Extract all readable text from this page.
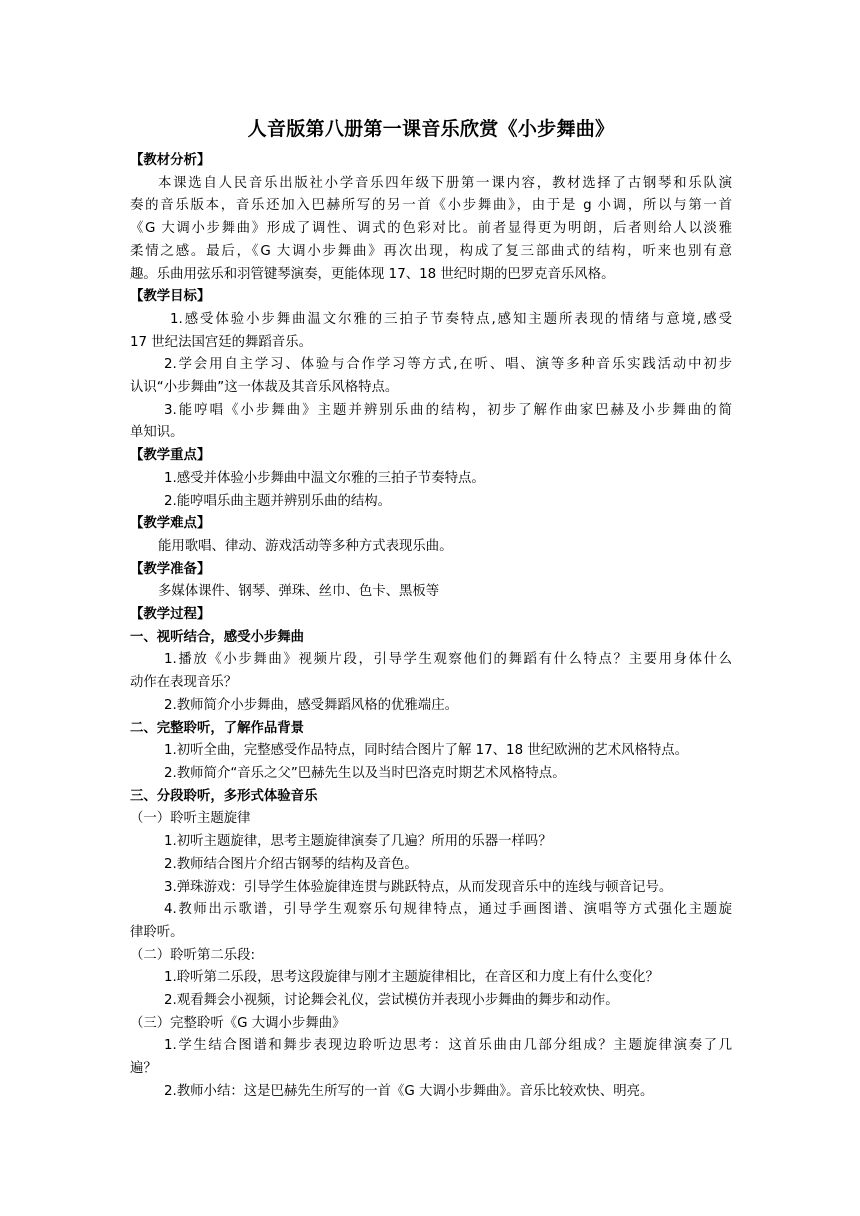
人音版第八册第一课音乐欣赏《小步舞曲》
【教材分析】
本课选自人民音乐出版社小学音乐四年级下册第一课内容，教材选择了古钢琴和乐队演
奏的音乐版本，音乐还加入巴赫所写的另一首《小步舞曲》，由于是 g 小调，所以与第一首
《G 大调小步舞曲》形成了调性、调式的色彩对比。前者显得更为明朗，后者则给人以淡雅
柔情之感。最后，《G 大调小步舞曲》再次出现，构成了复三部曲式的结构，听来也别有意
趣。乐曲用弦乐和羽管键琴演奏，更能体现 17、18 世纪时期的巴罗克音乐风格。
【教学目标】
1.感受体验小步舞曲温文尔雅的三拍子节奏特点,感知主题所表现的情绪与意境,感受
17 世纪法国宫廷的舞蹈音乐。
2.学会用自主学习、体验与合作学习等方式,在听、唱、演等多种音乐实践活动中初步
认识“小步舞曲”这一体裁及其音乐风格特点。
3.能哼唱《小步舞曲》主题并辨别乐曲的结构，初步了解作曲家巴赫及小步舞曲的简
单知识。
【教学重点】
1.感受并体验小步舞曲中温文尔雅的三拍子节奏特点。
2.能哼唱乐曲主题并辨别乐曲的结构。
【教学难点】
能用歌唱、律动、游戏活动等多种方式表现乐曲。
【教学准备】
多媒体课件、钢琴、弹珠、丝巾、色卡、黑板等
【教学过程】
一、视听结合，感受小步舞曲
1.播放《小步舞曲》视频片段，引导学生观察他们的舞蹈有什么特点？主要用身体什么
动作在表现音乐？
2.教师简介小步舞曲，感受舞蹈风格的优雅端庄。
二、完整聆听，了解作品背景
1.初听全曲，完整感受作品特点，同时结合图片了解 17、18 世纪欧洲的艺术风格特点。
2.教师简介“音乐之父”巴赫先生以及当时巴洛克时期艺术风格特点。
三、分段聆听，多形式体验音乐
（一）聆听主题旋律
1.初听主题旋律，思考主题旋律演奏了几遍？所用的乐器一样吗？
2.教师结合图片介绍古钢琴的结构及音色。
3.弹珠游戏：引导学生体验旋律连贯与跳跃特点，从而发现音乐中的连线与顿音记号。
4.教师出示歌谱，引导学生观察乐句规律特点，通过手画图谱、演唱等方式强化主题旋
律聆听。
（二）聆听第二乐段:
1.聆听第二乐段，思考这段旋律与刚才主题旋律相比，在音区和力度上有什么变化？
2.观看舞会小视频，讨论舞会礼仪，尝试模仿并表现小步舞曲的舞步和动作。
（三）完整聆听《G 大调小步舞曲》
1.学生结合图谱和舞步表现边聆听边思考：这首乐曲由几部分组成？主题旋律演奏了几
遍？
2.教师小结：这是巴赫先生所写的一首《G 大调小步舞曲》。音乐比较欢快、明亮。
